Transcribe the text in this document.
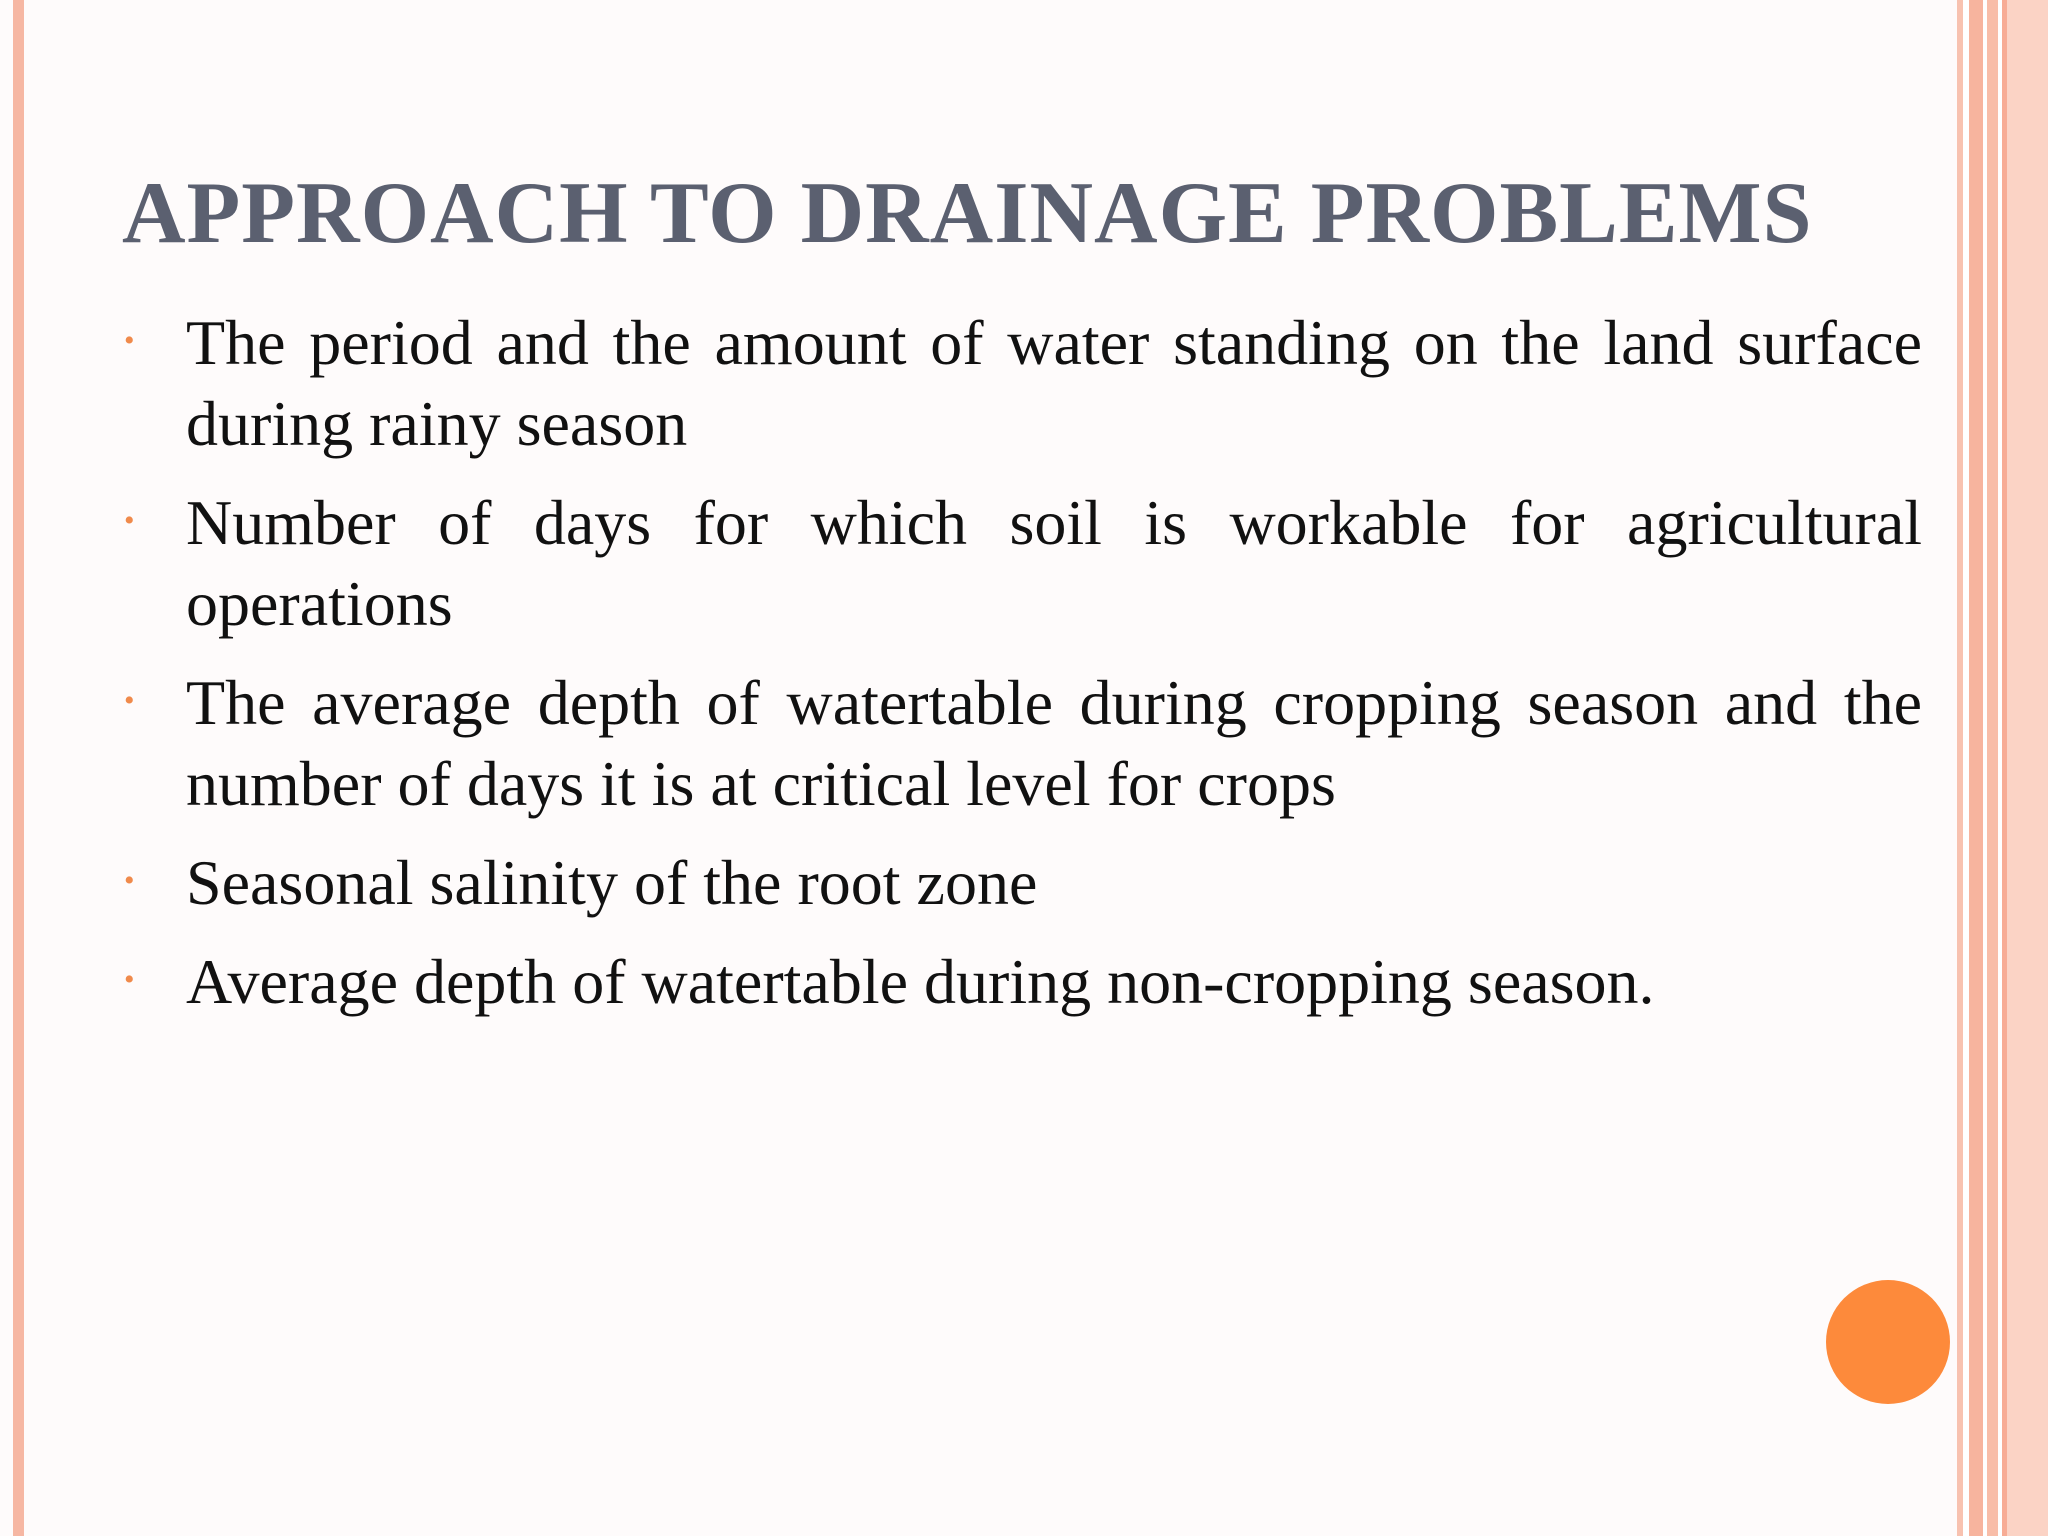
APPROACH TO DRAINAGE PROBLEMS
• The period and the amount of water standing on the land surface during rainy season
• Number of days for which soil is workable for agricultural operations
• The average depth of watertable during cropping season and the number of days it is at critical level for crops
• Seasonal salinity of the root zone
• Average depth of watertable during non-cropping season.
